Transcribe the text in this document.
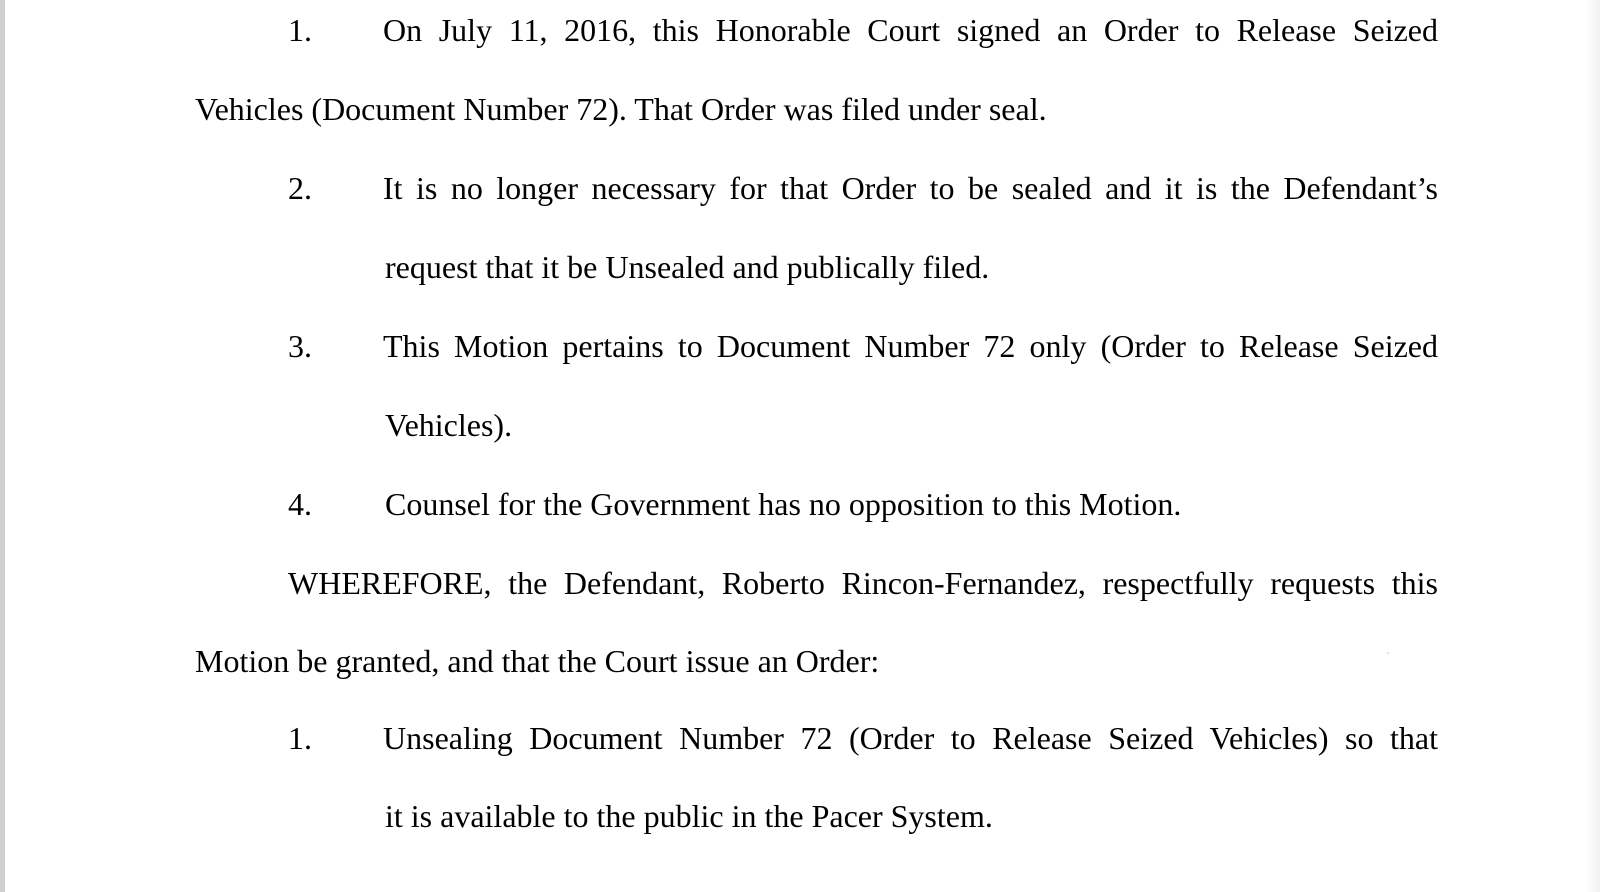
1. On July 11, 2016, this Honorable Court signed an Order to Release Seized
Vehicles (Document Number 72). That Order was filed under seal.
2. It is no longer necessary for that Order to be sealed and it is the Defendant’s
request that it be Unsealed and publically filed.
3. This Motion pertains to Document Number 72 only (Order to Release Seized
Vehicles).
4. Counsel for the Government has no opposition to this Motion.
WHEREFORE, the Defendant, Roberto Rincon-Fernandez, respectfully requests this
Motion be granted, and that the Court issue an Order:
1. Unsealing Document Number 72 (Order to Release Seized Vehicles) so that
it is available to the public in the Pacer System.
